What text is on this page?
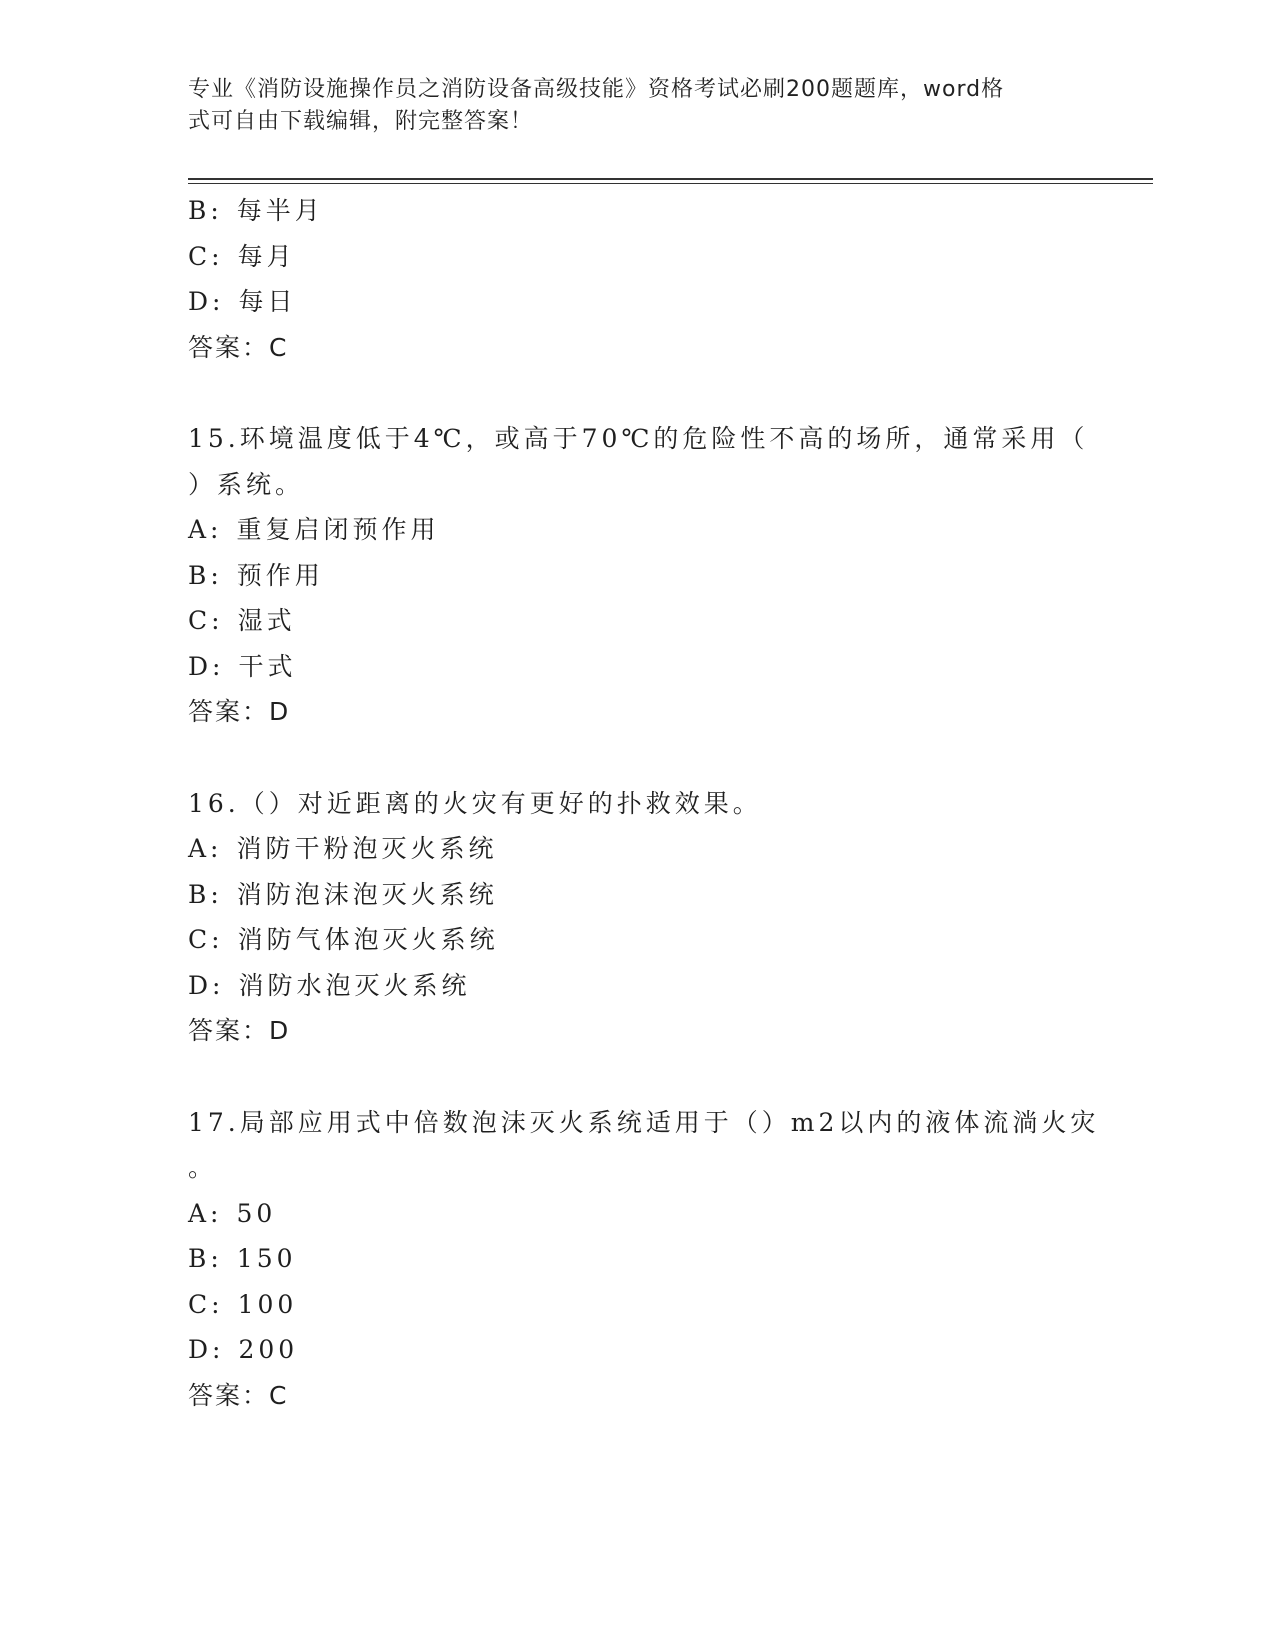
专业《消防设施操作员之消防设备高级技能》资格考试必刷200题题库，word格
式可自由下载编辑，附完整答案！
B: 每半月
C: 每月
D: 每日
答案：C
15.环境温度低于4℃，或高于70℃的危险性不高的场所，通常采用（
）系统。
A: 重复启闭预作用
B: 预作用
C: 湿式
D: 干式
答案：D
16.（）对近距离的火灾有更好的扑救效果。
A: 消防干粉泡灭火系统
B: 消防泡沫泡灭火系统
C: 消防气体泡灭火系统
D: 消防水泡灭火系统
答案：D
17.局部应用式中倍数泡沫灭火系统适用于（）m2以内的液体流淌火灾
。
A: 50
B: 150
C: 100
D: 200
答案：C
